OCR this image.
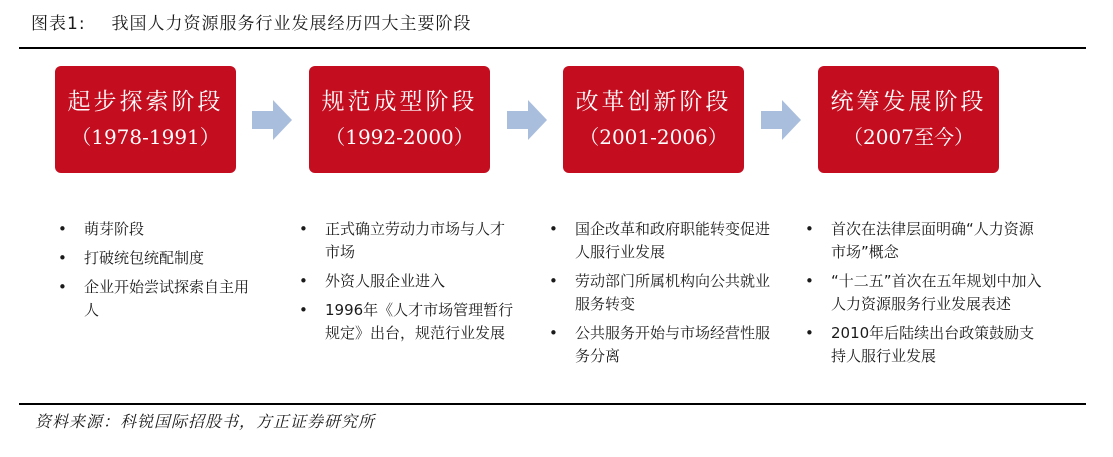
图表1: 我国人力资源服务行业发展经历四大主要阶段
起步探索阶段
（1978-1991）
规范成型阶段
（1992-2000）
改革创新阶段
（2001-2006）
统筹发展阶段
（2007至今）
• 萌芽阶段
• 打破统包统配制度
• 企业开始尝试探索自主用人
• 正式确立劳动力市场与人才市场
• 外资人服企业进入
• 1996年《人才市场管理暂行规定》出台，规范行业发展
• 国企改革和政府职能转变促进人服行业发展
• 劳动部门所属机构向公共就业服务转变
• 公共服务开始与市场经营性服务分离
• 首次在法律层面明确“人力资源市场”概念
• “十二五”首次在五年规划中加入人力资源服务行业发展表述
• 2010年后陆续出台政策鼓励支持人服行业发展
资料来源：科锐国际招股书，方正证券研究所
